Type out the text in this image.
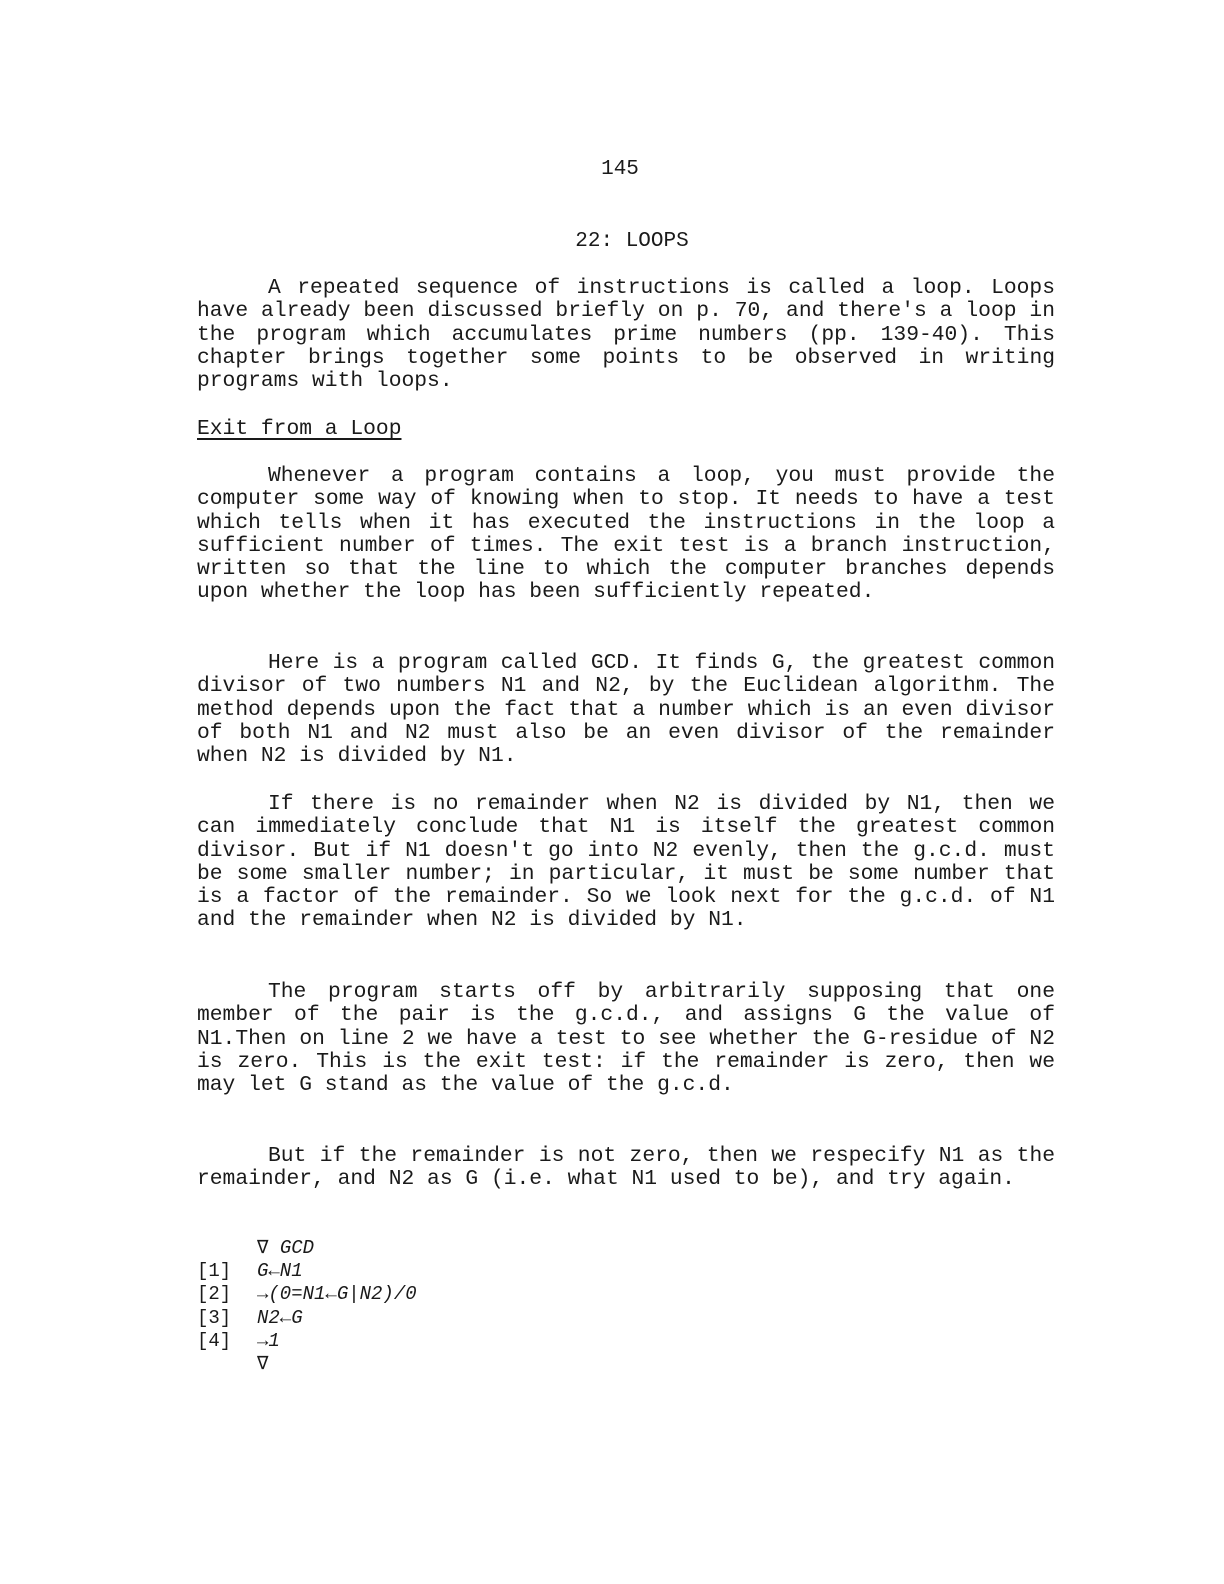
145
22: LOOPS

A repeated sequence of instructions is called a loop. Loops have already been discussed briefly on p. 70, and there's a loop in the program which accumulates prime numbers (pp. 139-40). This chapter brings together some points to be observed in writing programs with loops.

Exit from a Loop

Whenever a program contains a loop, you must provide the computer some way of knowing when to stop. It needs to have a test which tells when it has executed the instructions in the loop a sufficient number of times. The exit test is a branch instruction, written so that the line to which the computer branches depends upon whether the loop has been sufficiently repeated.

Here is a program called GCD. It finds G, the greatest common divisor of two numbers N1 and N2, by the Euclidean algorithm. The method depends upon the fact that a number which is an even divisor of both N1 and N2 must also be an even divisor of the remainder when N2 is divided by N1.

If there is no remainder when N2 is divided by N1, then we can immediately conclude that N1 is itself the greatest common divisor. But if N1 doesn't go into N2 evenly, then the g.c.d. must be some smaller number; in particular, it must be some number that is a factor of the remainder. So we look next for the g.c.d. of N1 and the remainder when N2 is divided by N1.

The program starts off by arbitrarily supposing that one member of the pair is the g.c.d., and assigns G the value of N1.Then on line 2 we have a test to see whether the G-residue of N2 is zero. This is the exit test: if the remainder is zero, then we may let G stand as the value of the g.c.d.

But if the remainder is not zero, then we respecify N1 as the remainder, and N2 as G (i.e. what N1 used to be), and try again.

∇ GCD
[1] G←N1
[2] →(0=N1←G|N2)/0
[3] N2←G
[4] →1
∇
